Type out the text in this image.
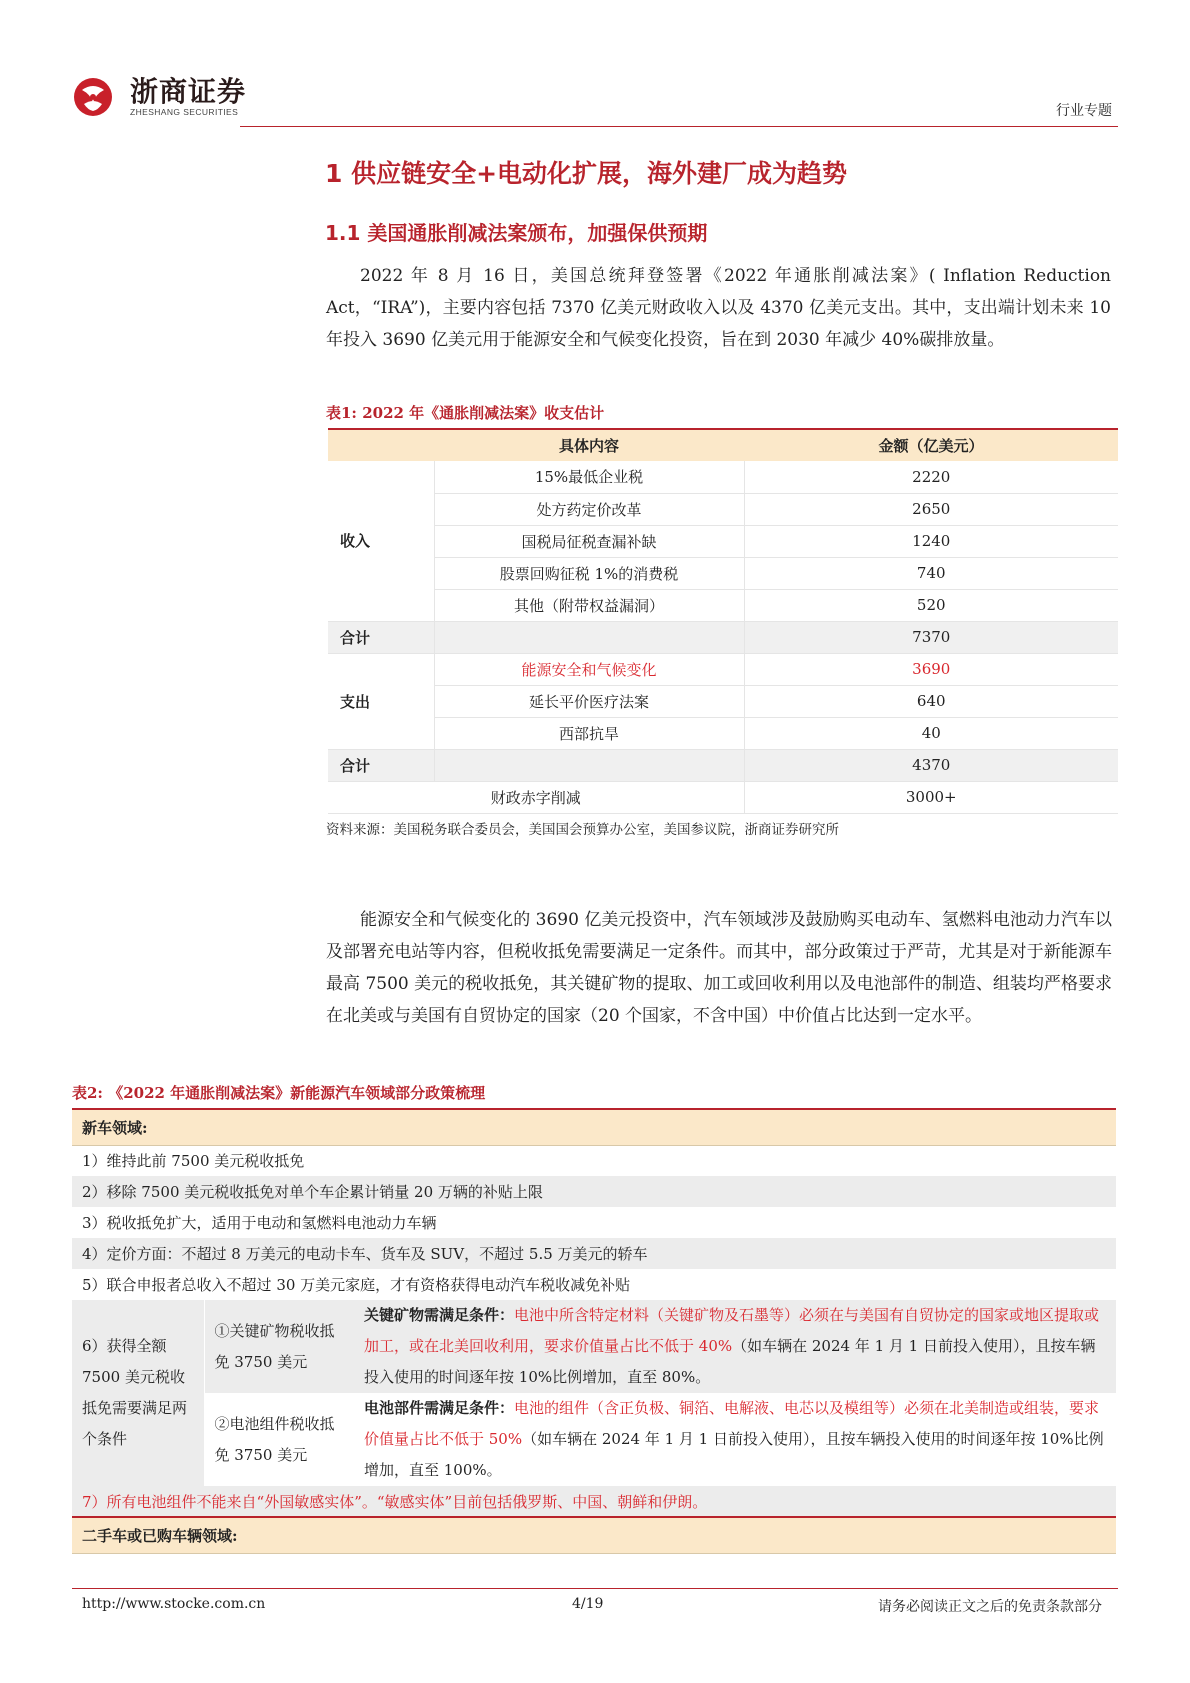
浙商证券
ZHESHANG SECURITIES	行业专题
1 供应链安全+电动化扩展，海外建厂成为趋势
1.1 美国通胀削减法案颁布，加强保供预期

2022 年 8 月 16 日，美国总统拜登签署《2022 年通胀削减法案》( Inflation Reduction Act，“IRA”)，主要内容包括 7370 亿美元财政收入以及 4370 亿美元支出。其中，支出端计划未来 10 年投入 3690 亿美元用于能源安全和气候变化投资，旨在到 2030 年减少 40%碳排放量。

表1: 2022 年《通胀削减法案》收支估计
	具体内容	金额（亿美元）
收入	15%最低企业税	2220
	处方药定价改革	2650
	国税局征税查漏补缺	1240
	股票回购征税 1%的消费税	740
	其他（附带权益漏洞）	520
合计		7370
支出	能源安全和气候变化	3690
	延长平价医疗法案	640
	西部抗旱	40
合计		4370
财政赤字削减		3000+
资料来源：美国税务联合委员会，美国国会预算办公室，美国参议院，浙商证券研究所

能源安全和气候变化的 3690 亿美元投资中，汽车领域涉及鼓励购买电动车、氢燃料电池动力汽车以及部署充电站等内容，但税收抵免需要满足一定条件。而其中，部分政策过于严苛，尤其是对于新能源车最高 7500 美元的税收抵免，其关键矿物的提取、加工或回收利用以及电池部件的制造、组装均严格要求在北美或与美国有自贸协定的国家（20 个国家，不含中国）中价值占比达到一定水平。

表2: 《2022 年通胀削减法案》新能源汽车领域部分政策梳理
新车领域:		
1）维持此前 7500 美元税收抵免		
2）移除 7500 美元税收抵免对单个车企累计销量 20 万辆的补贴上限		
3）税收抵免扩大，适用于电动和氢燃料电池动力车辆		
4）定价方面：不超过 8 万美元的电动卡车、货车及 SUV，不超过 5.5 万美元的轿车		
5）联合申报者总收入不超过 30 万美元家庭，才有资格获得电动汽车税收减免补贴		
6）获得全额 7500 美元税收抵免需要满足两个条件	①关键矿物税收抵免 3750 美元	关键矿物需满足条件：电池中所含特定材料（关键矿物及石墨等）必须在与美国有自贸协定的国家或地区提取或加工，或在北美回收利用，要求价值量占比不低于 40%（如车辆在 2024 年 1 月 1 日前投入使用），且按车辆投入使用的时间逐年按 10%比例增加，直至 80%。
	②电池组件税收抵免 3750 美元	电池部件需满足条件：电池的组件（含正负极、铜箔、电解液、电芯以及模组等）必须在北美制造或组装，要求价值量占比不低于 50%（如车辆在 2024 年 1 月 1 日前投入使用），且按车辆投入使用的时间逐年按 10%比例增加，直至 100%。
7）所有电池组件不能来自“外国敏感实体”。“敏感实体”目前包括俄罗斯、中国、朝鲜和伊朗。		
二手车或已购车辆领域:		
http://www.stocke.com.cn	4/19	请务必阅读正文之后的免责条款部分
